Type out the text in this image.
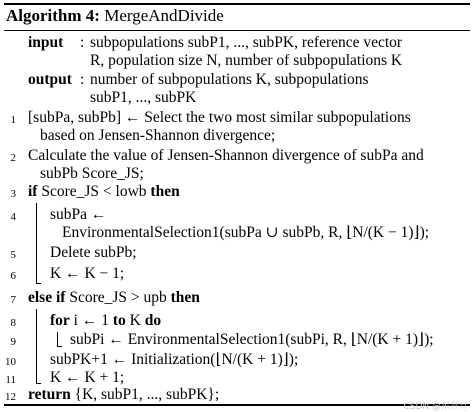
Algorithm 4: MergeAndDivide
input : subpopulations subP1, ..., subPK, reference vector
R, population size N, number of subpopulations K
output : number of subpopulations K, subpopulations
subP1, ..., subPK
1 [subPa, subPb] ← Select the two most similar subpopulations
based on Jensen-Shannon divergence;
2 Calculate the value of Jensen-Shannon divergence of subPa and
subPb Score_JS;
3 if Score_JS < lowb then
4 subPa ←
EnvironmentalSelection1(subPa ∪ subPb, R, ⌊N/(K − 1)⌋);
5 Delete subPb;
6 K ← K − 1;
7 else if Score_JS > upb then
8 for i ← 1 to K do
9	subPi ← EnvironmentalSelection1(subPi, R, ⌊N/(K + 1)⌋);
10 subPK+1 ← Initialization(⌊N/(K + 1)⌋);
11 K ← K + 1;
12 return {K, subP1, ..., subPK};
CSDN @东升旦
